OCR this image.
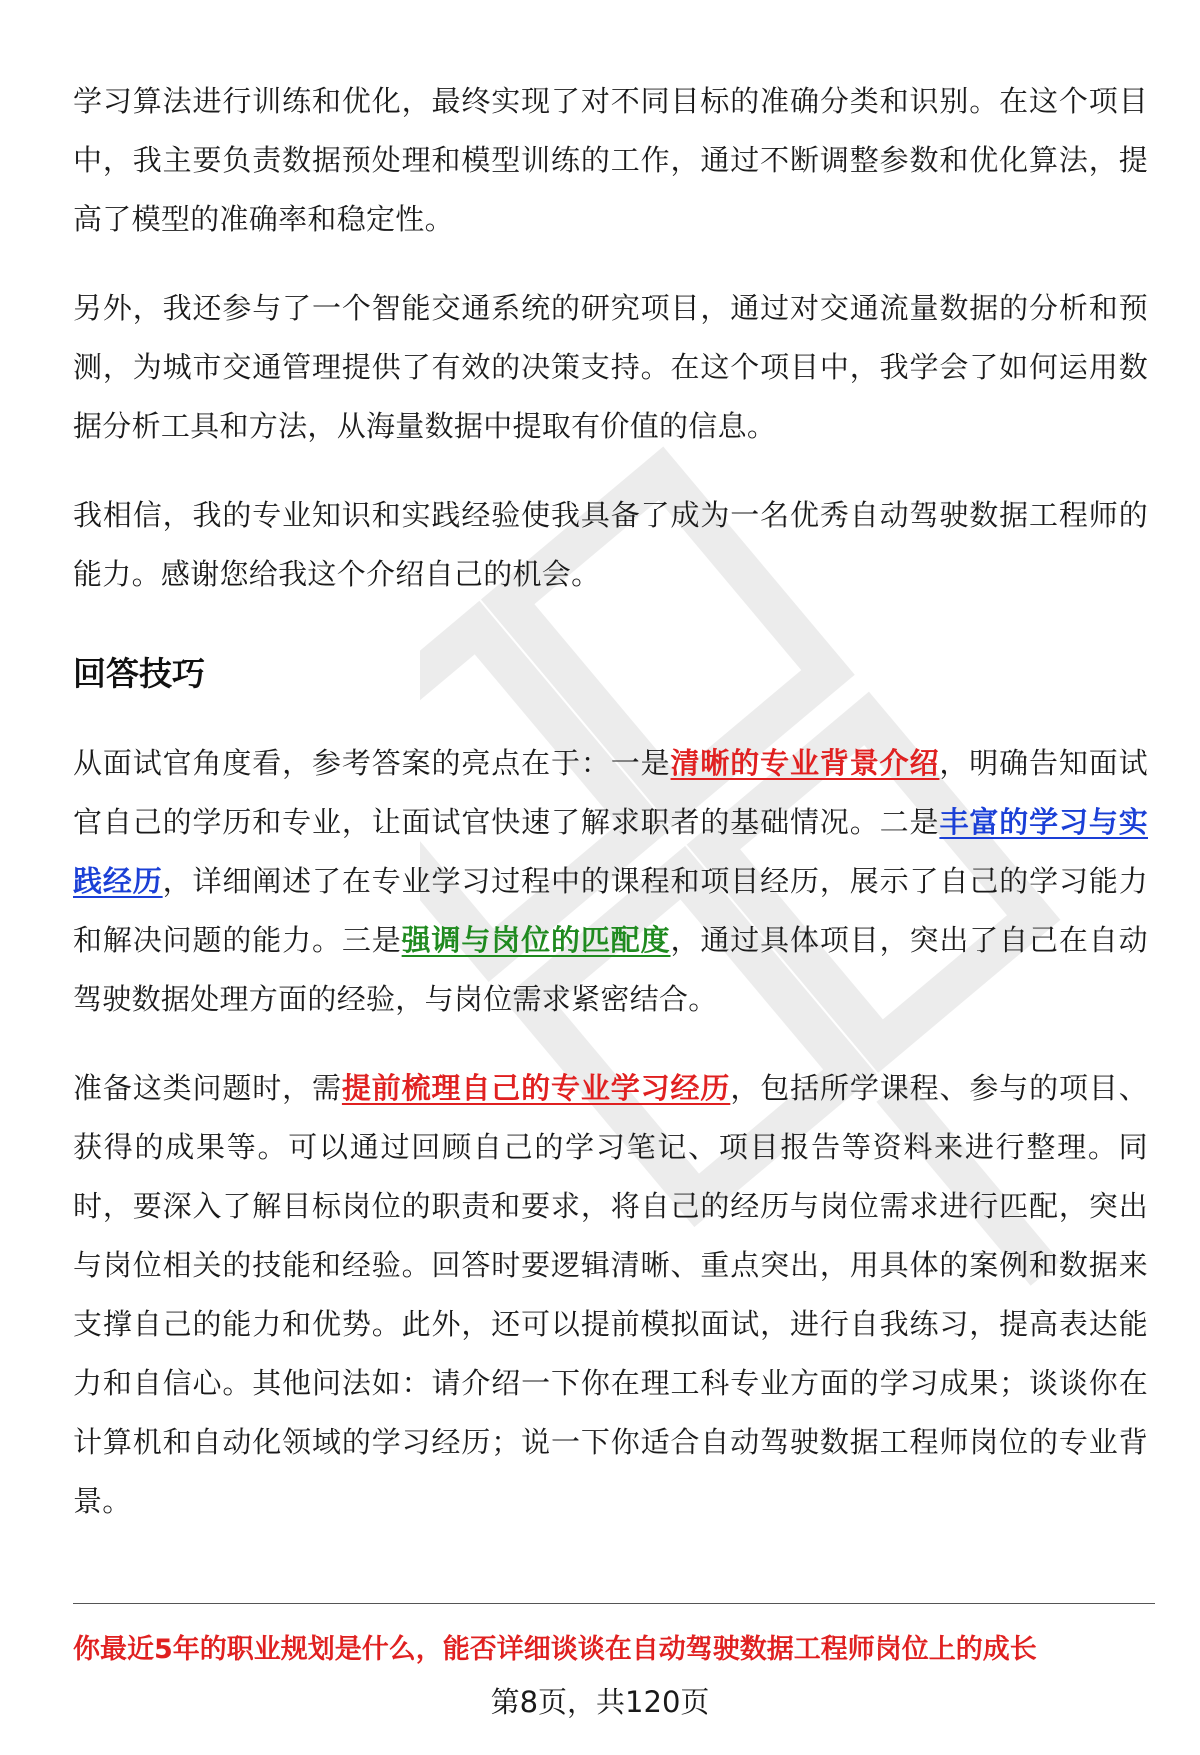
学习算法进行训练和优化，最终实现了对不同目标的准确分类和识别。在这个项目中，我主要负责数据预处理和模型训练的工作，通过不断调整参数和优化算法，提高了模型的准确率和稳定性。

另外，我还参与了一个智能交通系统的研究项目，通过对交通流量数据的分析和预测，为城市交通管理提供了有效的决策支持。在这个项目中，我学会了如何运用数据分析工具和方法，从海量数据中提取有价值的信息。

我相信，我的专业知识和实践经验使我具备了成为一名优秀自动驾驶数据工程师的能力。感谢您给我这个介绍自己的机会。

回答技巧

从面试官角度看，参考答案的亮点在于：一是清晰的专业背景介绍，明确告知面试官自己的学历和专业，让面试官快速了解求职者的基础情况。二是丰富的学习与实践经历，详细阐述了在专业学习过程中的课程和项目经历，展示了自己的学习能力和解决问题的能力。三是强调与岗位的匹配度，通过具体项目，突出了自己在自动驾驶数据处理方面的经验，与岗位需求紧密结合。

准备这类问题时，需提前梳理自己的专业学习经历，包括所学课程、参与的项目、获得的成果等。可以通过回顾自己的学习笔记、项目报告等资料来进行整理。同时，要深入了解目标岗位的职责和要求，将自己的经历与岗位需求进行匹配，突出与岗位相关的技能和经验。回答时要逻辑清晰、重点突出，用具体的案例和数据来支撑自己的能力和优势。此外，还可以提前模拟面试，进行自我练习，提高表达能力和自信心。其他问法如：请介绍一下你在理工科专业方面的学习成果；谈谈你在计算机和自动化领域的学习经历；说一下你适合自动驾驶数据工程师岗位的专业背景。

你最近5年的职业规划是什么，能否详细谈谈在自动驾驶数据工程师岗位上的成长
第8页，共120页
